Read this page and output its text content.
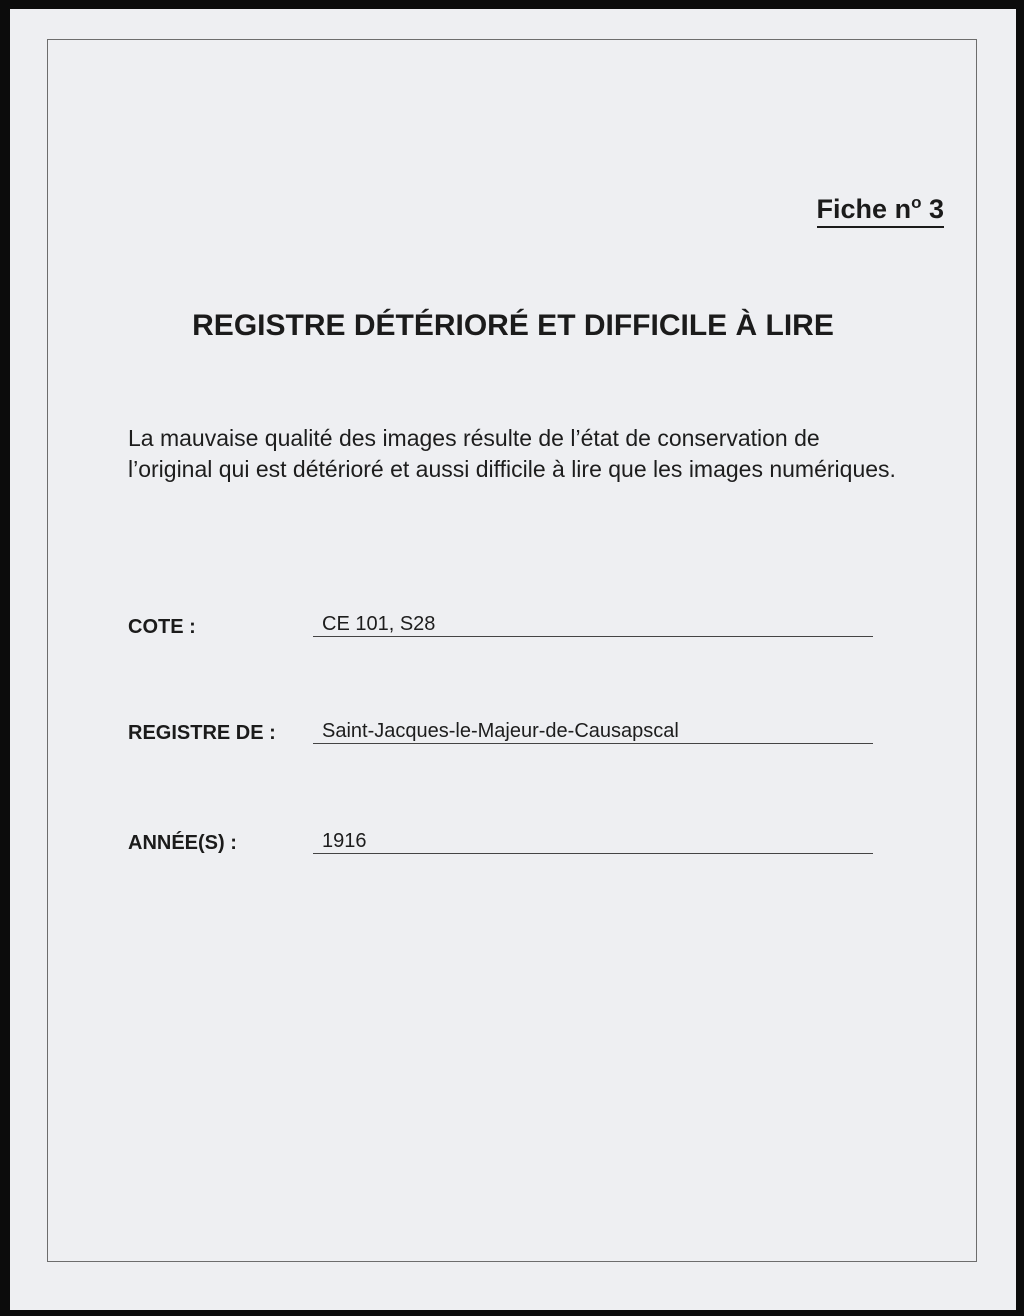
Fiche $n^o$ 3
REGISTRE DÉTÉRIORÉ ET DIFFICILE À LIRE
La mauvaise qualité des images résulte de l’état de conservation de l’original qui est détérioré et aussi difficile à lire que les images numériques.
COTE :	CE 101, S28
REGISTRE DE :	Saint-Jacques-le-Majeur-de-Causapscal
ANNÉE(S) :	1916
